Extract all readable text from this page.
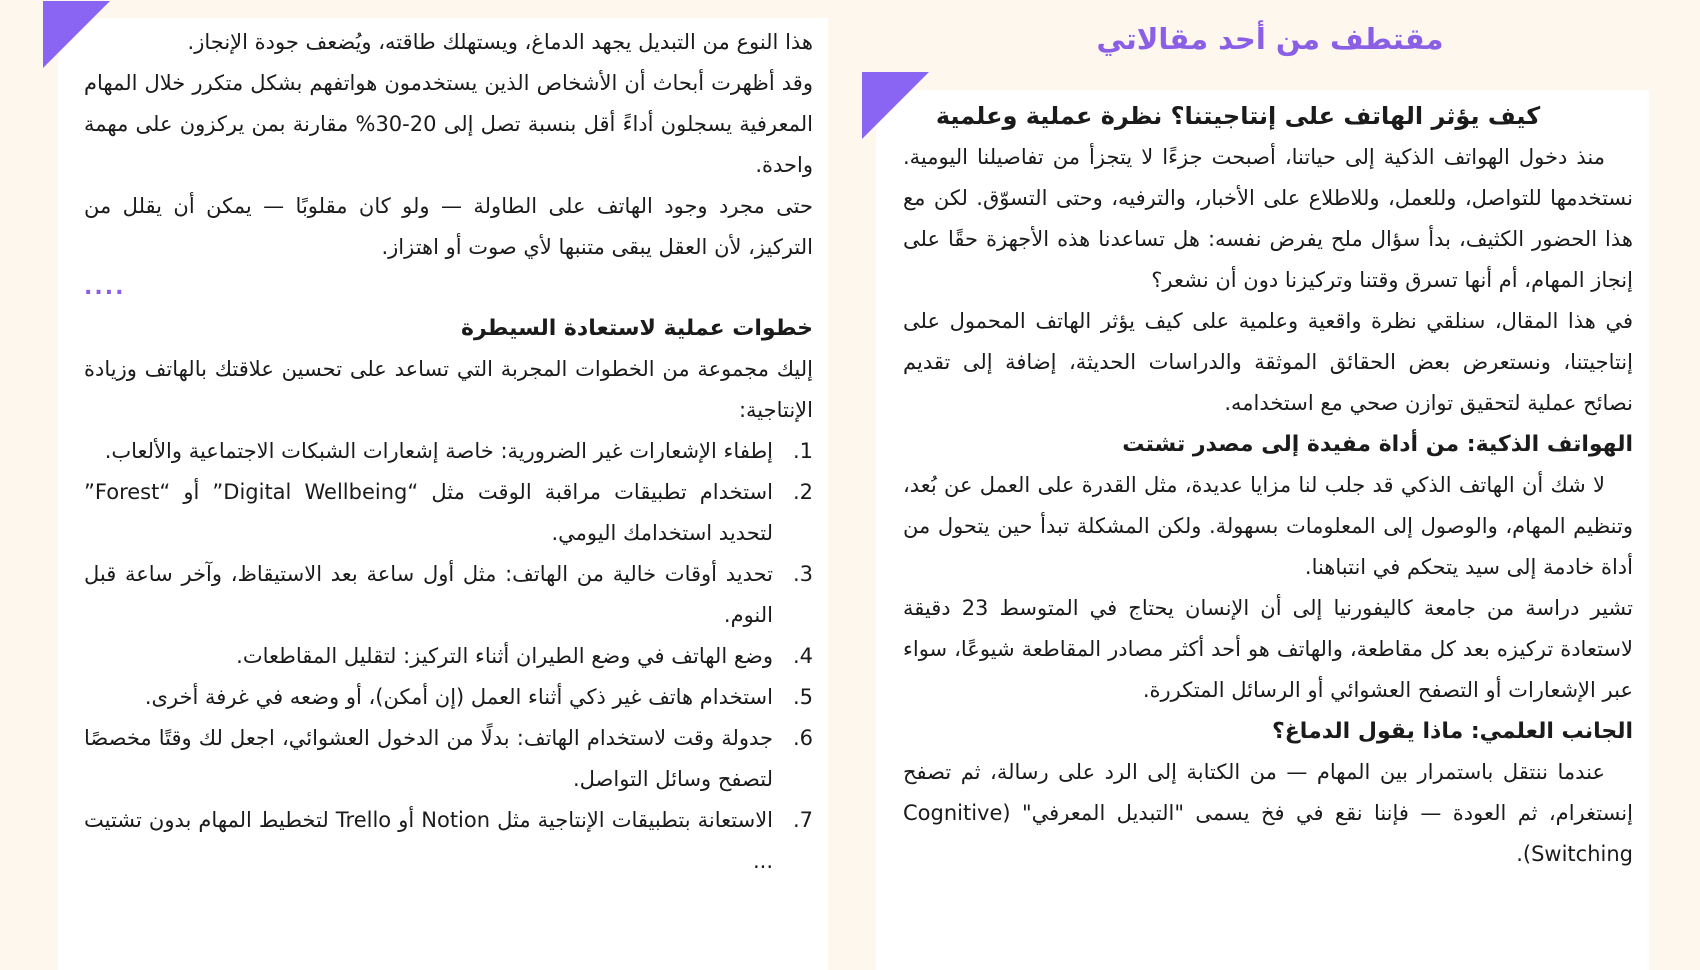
مقتطف من أحد مقالاتي

هذا النوع من التبديل يجهد الدماغ، ويستهلك طاقته، ويُضعف جودة الإنجاز.

وقد أظهرت أبحاث أن الأشخاص الذين يستخدمون هواتفهم بشكل متكرر خلال المهام المعرفية يسجلون أداءً أقل بنسبة تصل إلى 20-30% مقارنة بمن يركزون على مهمة واحدة.

حتى مجرد وجود الهاتف على الطاولة — ولو كان مقلوبًا — يمكن أن يقلل من التركيز، لأن العقل يبقى متنبها لأي صوت أو اهتزاز.

....

خطوات عملية لاستعادة السيطرة

إليك مجموعة من الخطوات المجربة التي تساعد على تحسين علاقتك بالهاتف وزيادة الإنتاجية:

1.
إطفاء الإشعارات غير الضرورية: خاصة إشعارات الشبكات الاجتماعية والألعاب.
2.
استخدام تطبيقات مراقبة الوقت مثل “Digital Wellbeing” أو “Forest” لتحديد استخدامك اليومي.
3.
تحديد أوقات خالية من الهاتف: مثل أول ساعة بعد الاستيقاظ، وآخر ساعة قبل النوم.
4.
وضع الهاتف في وضع الطيران أثناء التركيز: لتقليل المقاطعات.
5.
استخدام هاتف غير ذكي أثناء العمل (إن أمكن)، أو وضعه في غرفة أخرى.
6.
جدولة وقت لاستخدام الهاتف: بدلًا من الدخول العشوائي، اجعل لك وقتًا مخصصًا لتصفح وسائل التواصل.
7.
الاستعانة بتطبيقات الإنتاجية مثل Notion أو Trello لتخطيط المهام بدون تشتيت ...

كيف يؤثر الهاتف على إنتاجيتنا؟ نظرة عملية وعلمية

منذ دخول الهواتف الذكية إلى حياتنا، أصبحت جزءًا لا يتجزأ من تفاصيلنا اليومية. نستخدمها للتواصل، وللعمل، وللاطلاع على الأخبار، والترفيه، وحتى التسوّق. لكن مع هذا الحضور الكثيف، بدأ سؤال ملح يفرض نفسه: هل تساعدنا هذه الأجهزة حقًا على إنجاز المهام، أم أنها تسرق وقتنا وتركيزنا دون أن نشعر؟

في هذا المقال، سنلقي نظرة واقعية وعلمية على كيف يؤثر الهاتف المحمول على إنتاجيتنا، ونستعرض بعض الحقائق الموثقة والدراسات الحديثة، إضافة إلى تقديم نصائح عملية لتحقيق توازن صحي مع استخدامه.

الهواتف الذكية: من أداة مفيدة إلى مصدر تشتت

لا شك أن الهاتف الذكي قد جلب لنا مزايا عديدة، مثل القدرة على العمل عن بُعد، وتنظيم المهام، والوصول إلى المعلومات بسهولة. ولكن المشكلة تبدأ حين يتحول من أداة خادمة إلى سيد يتحكم في انتباهنا.

تشير دراسة من جامعة كاليفورنيا إلى أن الإنسان يحتاج في المتوسط 23 دقيقة لاستعادة تركيزه بعد كل مقاطعة، والهاتف هو أحد أكثر مصادر المقاطعة شيوعًا، سواء عبر الإشعارات أو التصفح العشوائي أو الرسائل المتكررة.

الجانب العلمي: ماذا يقول الدماغ؟

عندما ننتقل باستمرار بين المهام — من الكتابة إلى الرد على رسالة، ثم تصفح إنستغرام، ثم العودة — فإننا نقع في فخ يسمى "التبديل المعرفي" (Cognitive Switching).
